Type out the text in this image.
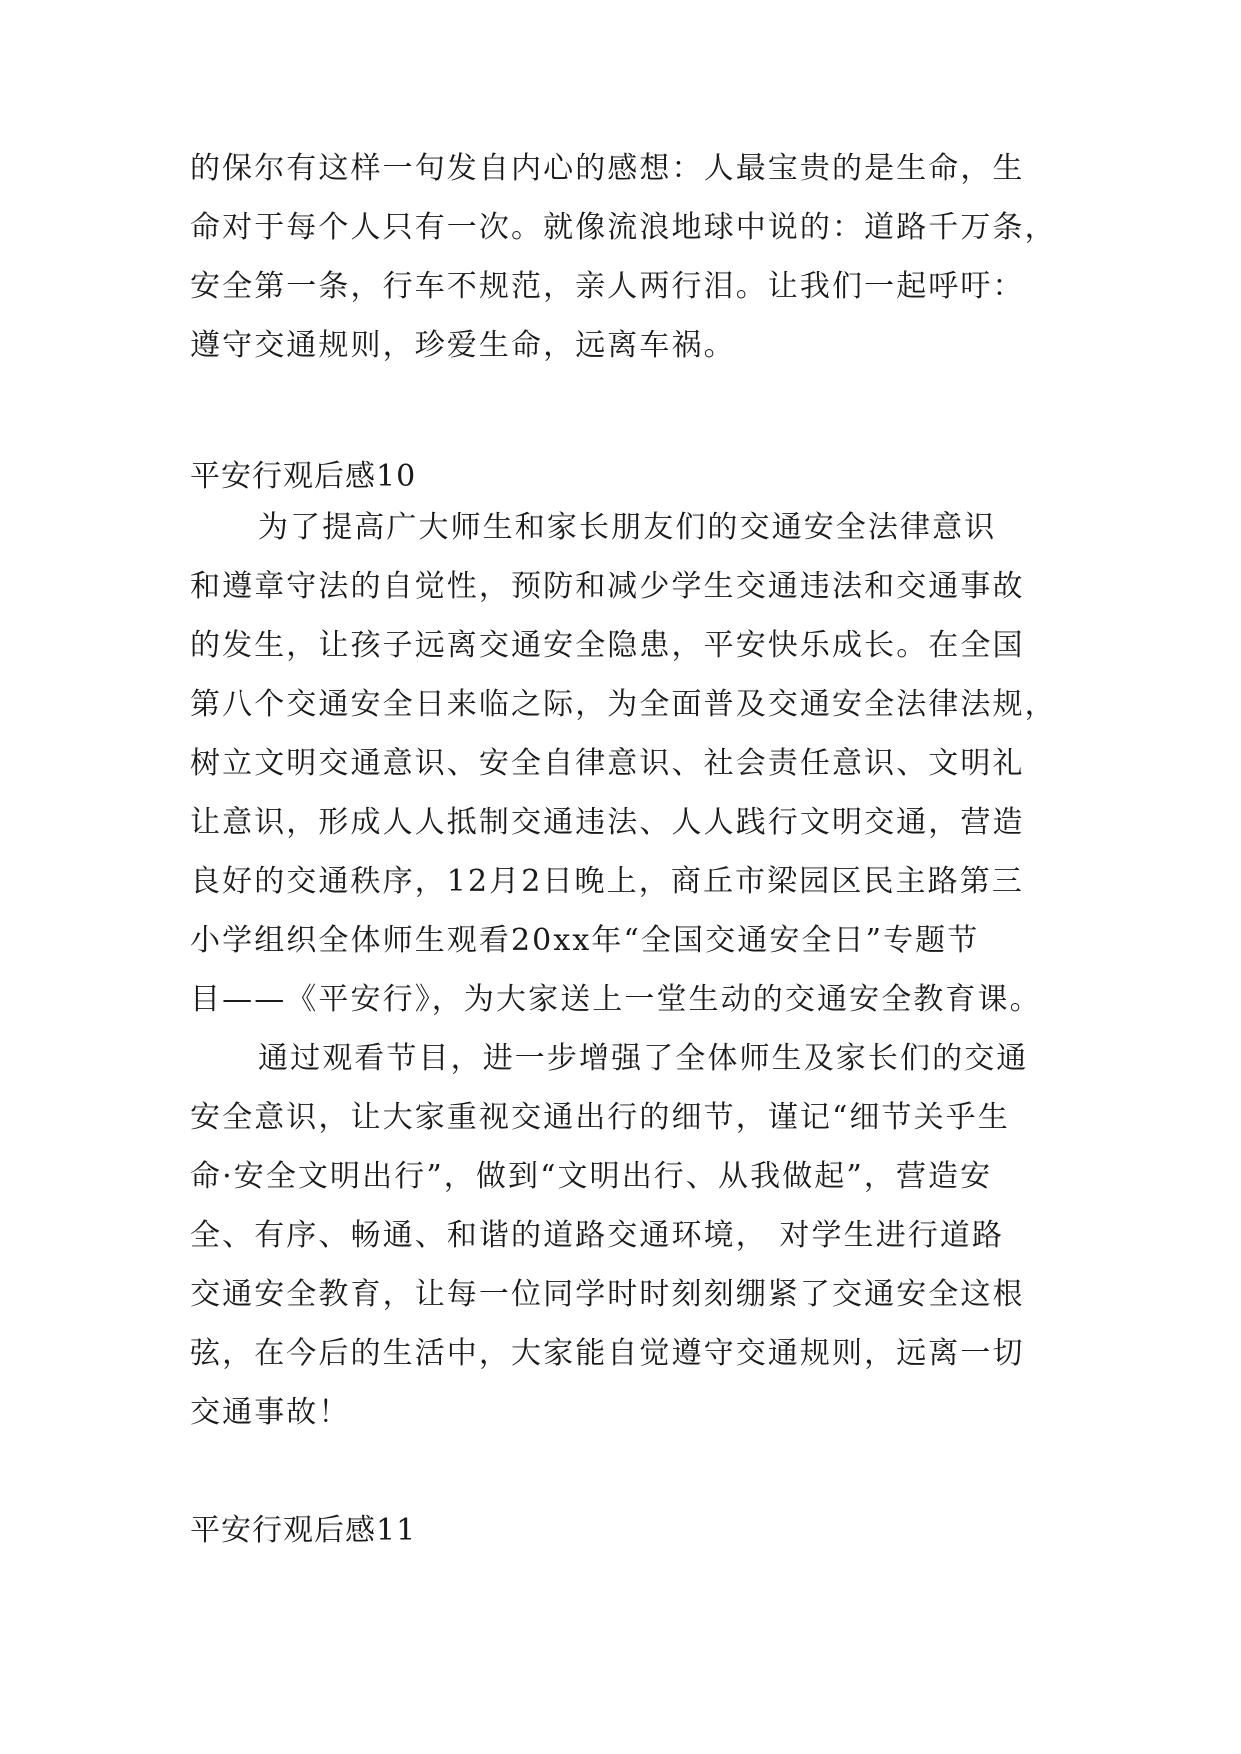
的保尔有这样一句发自内心的感想：人最宝贵的是生命，生
命对于每个人只有一次。就像流浪地球中说的：道路千万条，
安全第一条，行车不规范，亲人两行泪。让我们一起呼吁：
遵守交通规则，珍爱生命，远离车祸。
平安行观后感10
为了提高广大师生和家长朋友们的交通安全法律意识
和遵章守法的自觉性，预防和减少学生交通违法和交通事故
的发生，让孩子远离交通安全隐患，平安快乐成长。在全国
第八个交通安全日来临之际，为全面普及交通安全法律法规，
树立文明交通意识、安全自律意识、社会责任意识、文明礼
让意识，形成人人抵制交通违法、人人践行文明交通，营造
良好的交通秩序，12月2日晚上，商丘市梁园区民主路第三
小学组织全体师生观看20xx年“全国交通安全日”专题节
目——《平安行》，为大家送上一堂生动的交通安全教育课。
通过观看节目，进一步增强了全体师生及家长们的交通
安全意识，让大家重视交通出行的细节，谨记“细节关乎生
命·安全文明出行”，做到“文明出行、从我做起”，营造安
全、有序、畅通、和谐的道路交通环境， 对学生进行道路
交通安全教育，让每一位同学时时刻刻绷紧了交通安全这根
弦，在今后的生活中，大家能自觉遵守交通规则，远离一切
交通事故！
平安行观后感11
